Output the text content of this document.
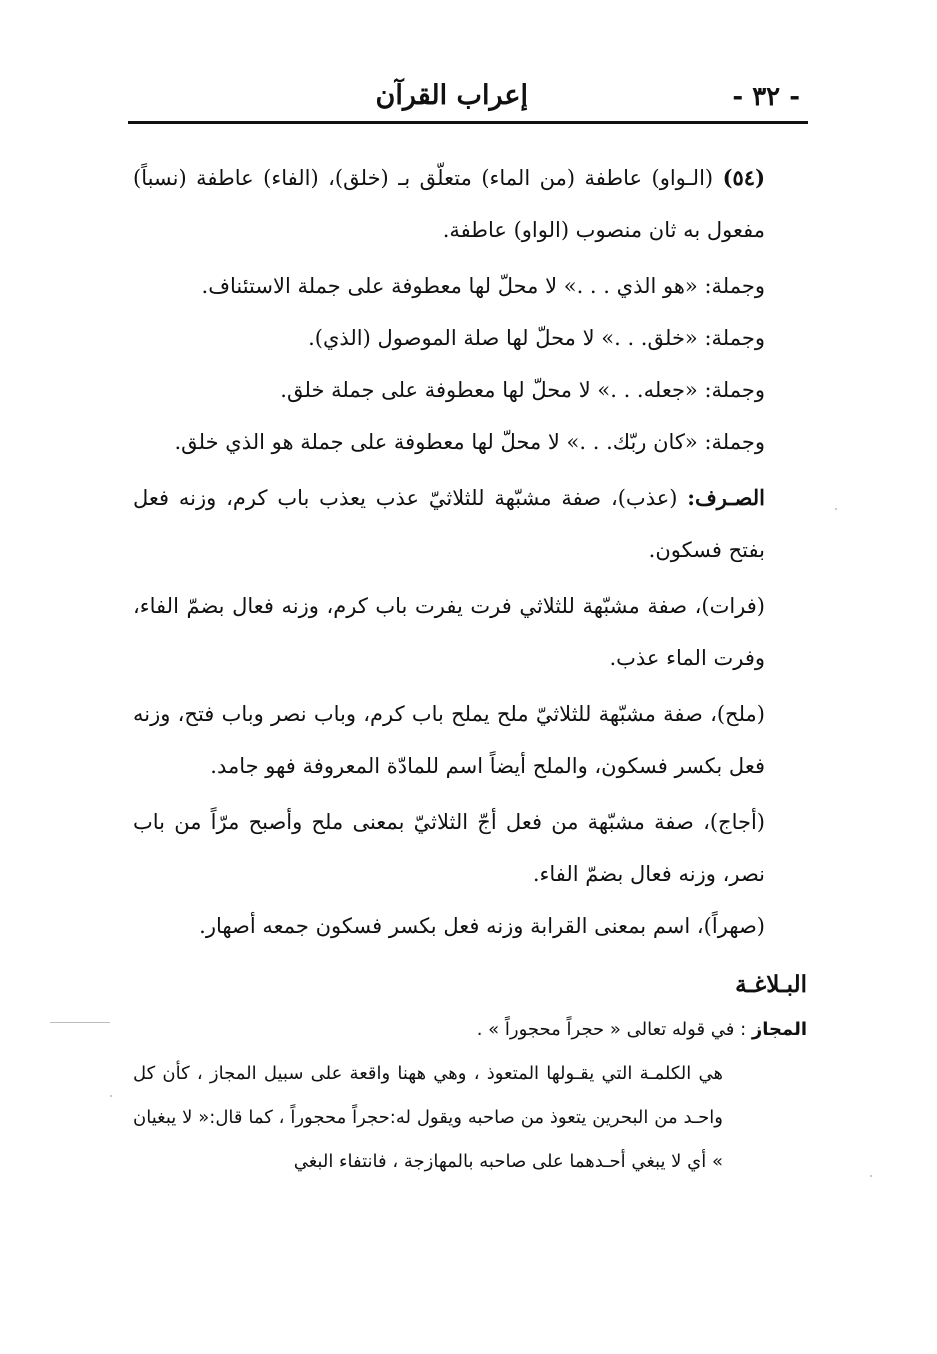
- ٣٢ -
إعراب القرآن

(٥٤) (الـواو) عاطفة (من الماء) متعلّق بـ (خلق)، (الفاء) عاطفة (نسباً) مفعول به ثان منصوب (الواو) عاطفة.

وجملة: «هو الذي . . .» لا محلّ لها معطوفة على جملة الاستئناف.

وجملة: «خلق. . .» لا محلّ لها صلة الموصول (الذي).

وجملة: «جعله. . .» لا محلّ لها معطوفة على جملة خلق.

وجملة: «كان ربّك. . .» لا محلّ لها معطوفة على جملة هو الذي خلق.

الصـرف: (عذب)، صفة مشبّهة للثلاثيّ عذب يعذب باب كرم، وزنه فعل بفتح فسكون.

(فرات)، صفة مشبّهة للثلاثي فرت يفرت باب كرم، وزنه فعال بضمّ الفاء، وفرت الماء عذب.

(ملح)، صفة مشبّهة للثلاثيّ ملح يملح باب كرم، وباب نصر وباب فتح، وزنه فعل بكسر فسكون، والملح أيضاً اسم للمادّة المعروفة فهو جامد.

(أجاج)، صفة مشبّهة من فعل أجّ الثلاثيّ بمعنى ملح وأصبح مرّاً من باب نصر، وزنه فعال بضمّ الفاء.

(صهراً)، اسم بمعنى القرابة وزنه فعل بكسر فسكون جمعه أصهار.

البـلاغـة

المجاز : في قوله تعالى « حجراً محجوراً » .

هي الكلمـة التي يقـولها المتعوذ ، وهي ههنا واقعة على سبيل المجاز ، كأن كل واحـد من البحرين يتعوذ من صاحبه ويقول له:حجراً محجوراً ، كما قال:« لا يبغيان » أي لا يبغي أحـدهما على صاحبه بالمهازجة ، فانتفاء البغي
